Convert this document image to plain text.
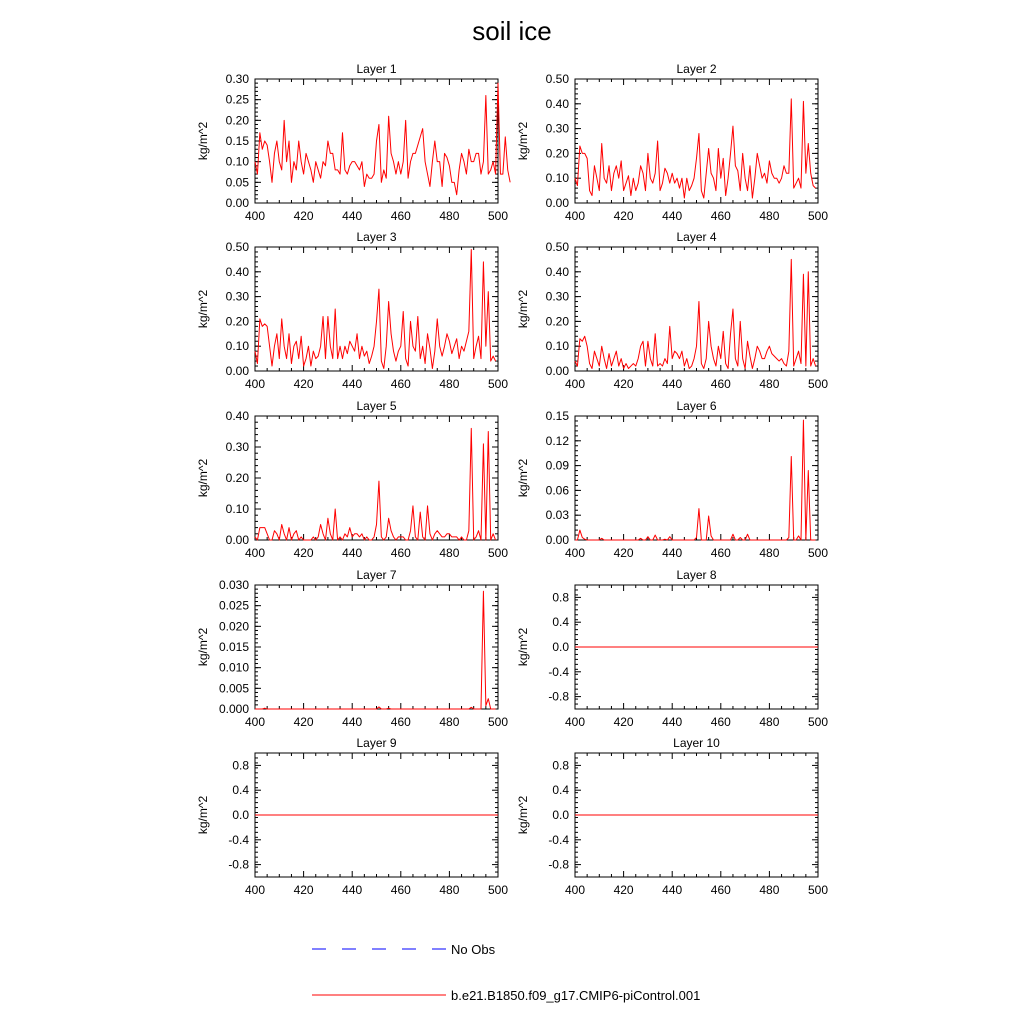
soil ice
Layer 1
kg/m^2
400 420 440 460 480 500
0.00
0.05
0.10
0.15
0.20
0.25
0.30
Layer 2
kg/m^2
400 420 440 460 480 500
0.00
0.10
0.20
0.30
0.40
0.50
Layer 3
kg/m^2
400 420 440 460 480 500
0.00
0.10
0.20
0.30
0.40
0.50
Layer 4
kg/m^2
400 420 440 460 480 500
0.00
0.10
0.20
0.30
0.40
0.50
Layer 5
kg/m^2
400 420 440 460 480 500
0.00
0.10
0.20
0.30
0.40
Layer 6
kg/m^2
400 420 440 460 480 500
0.00
0.03
0.06
0.09
0.12
0.15
Layer 7
kg/m^2
400 420 440 460 480 500
0.000
0.005
0.010
0.015
0.020
0.025
0.030
Layer 8
kg/m^2
400 420 440 460 480 500
-0.8
-0.4
0.0
0.4
0.8
Layer 9
kg/m^2
400 420 440 460 480 500
-0.8
-0.4
0.0
0.4
0.8
Layer 10
kg/m^2
400 420 440 460 480 500
-0.8
-0.4
0.0
0.4
0.8
No Obs
b.e21.B1850.f09_g17.CMIP6-piControl.001
